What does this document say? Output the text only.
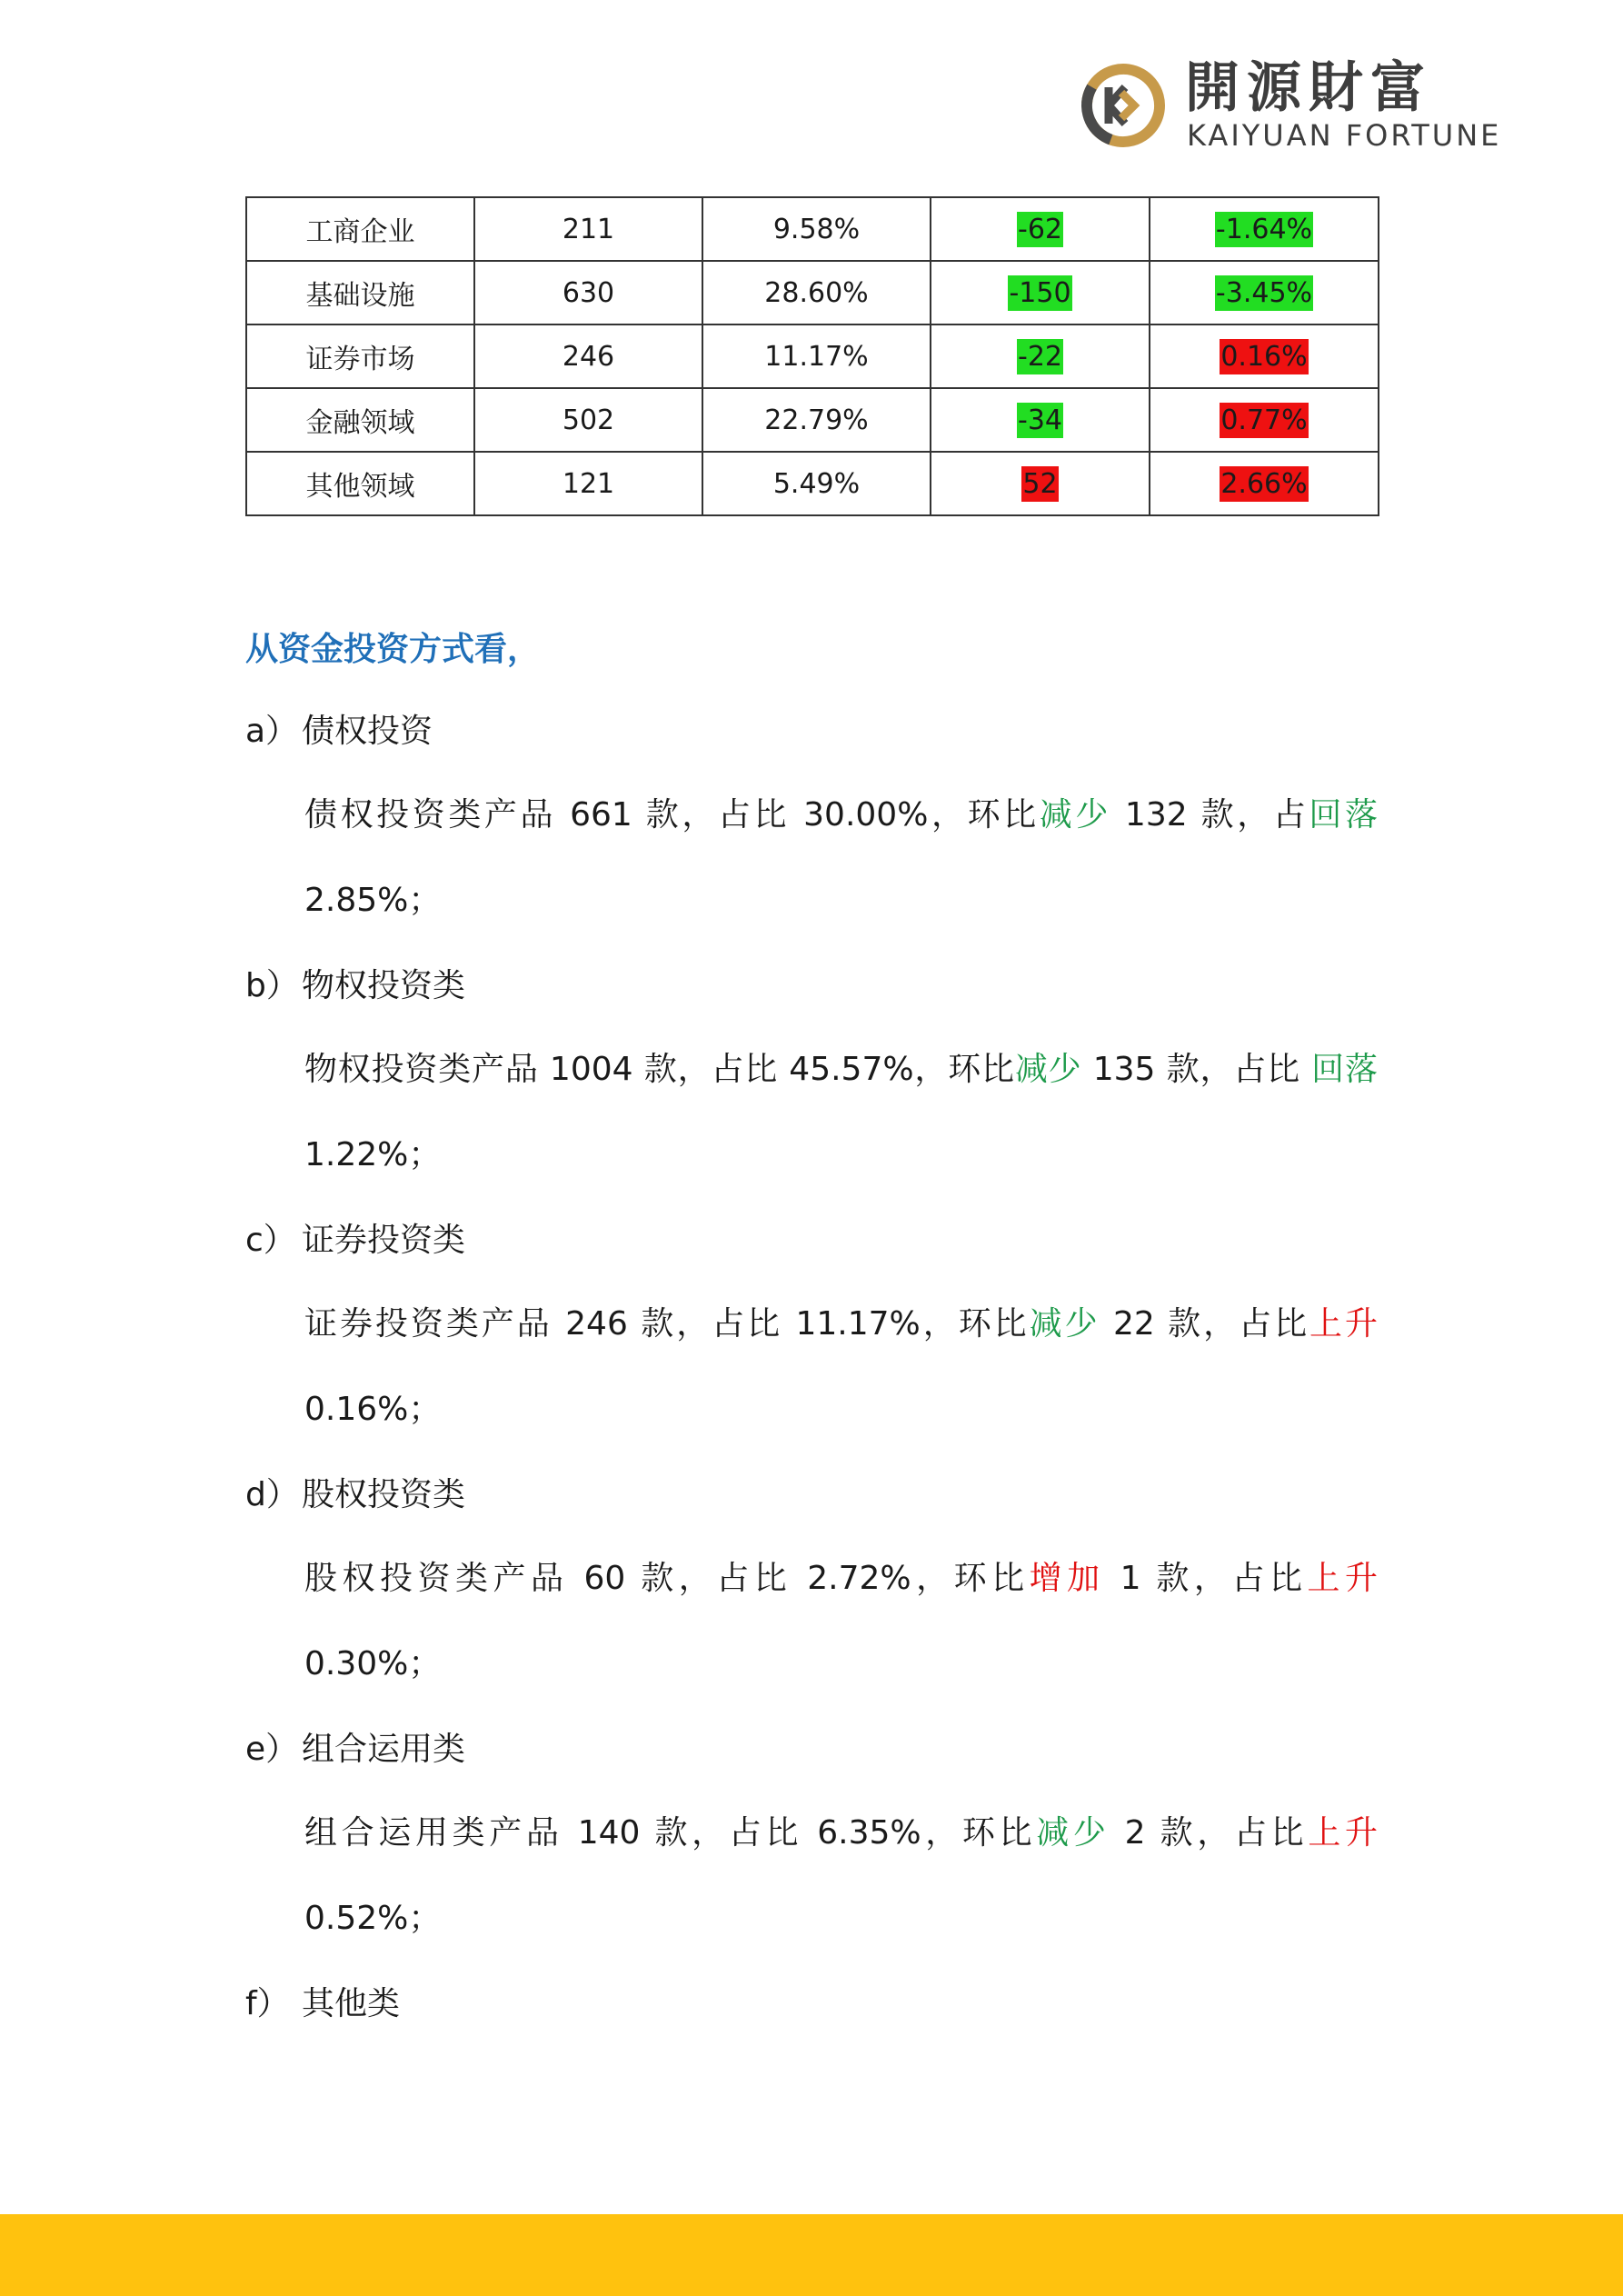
開源財富
KAIYUAN FORTUNE
工商企业	211	9.58%	-62	-1.64%
基础设施	630	28.60%	-150	-3.45%
证券市场	246	11.17%	-22	0.16%
金融领域	502	22.79%	-34	0.77%
其他领域	121	5.49%	52	2.66%
从资金投资方式看，
a） 债权投资
债权投资类产品 661 款，占比 30.00%，环比减少 132 款，占回落 2.85%；
b）物权投资类
物权投资类产品 1004 款，占比 45.57%，环比减少 135 款，占比 回落 1.22%；
c） 证券投资类
证券投资类产品 246 款，占比 11.17%，环比减少 22 款，占比上升 0.16%；
d）股权投资类
股权投资类产品 60 款，占比 2.72%，环比增加 1 款，占比上升 0.30%；
e） 组合运用类
组合运用类产品 140 款，占比 6.35%，环比减少 2 款，占比上升 0.52%；
f） 其他类
